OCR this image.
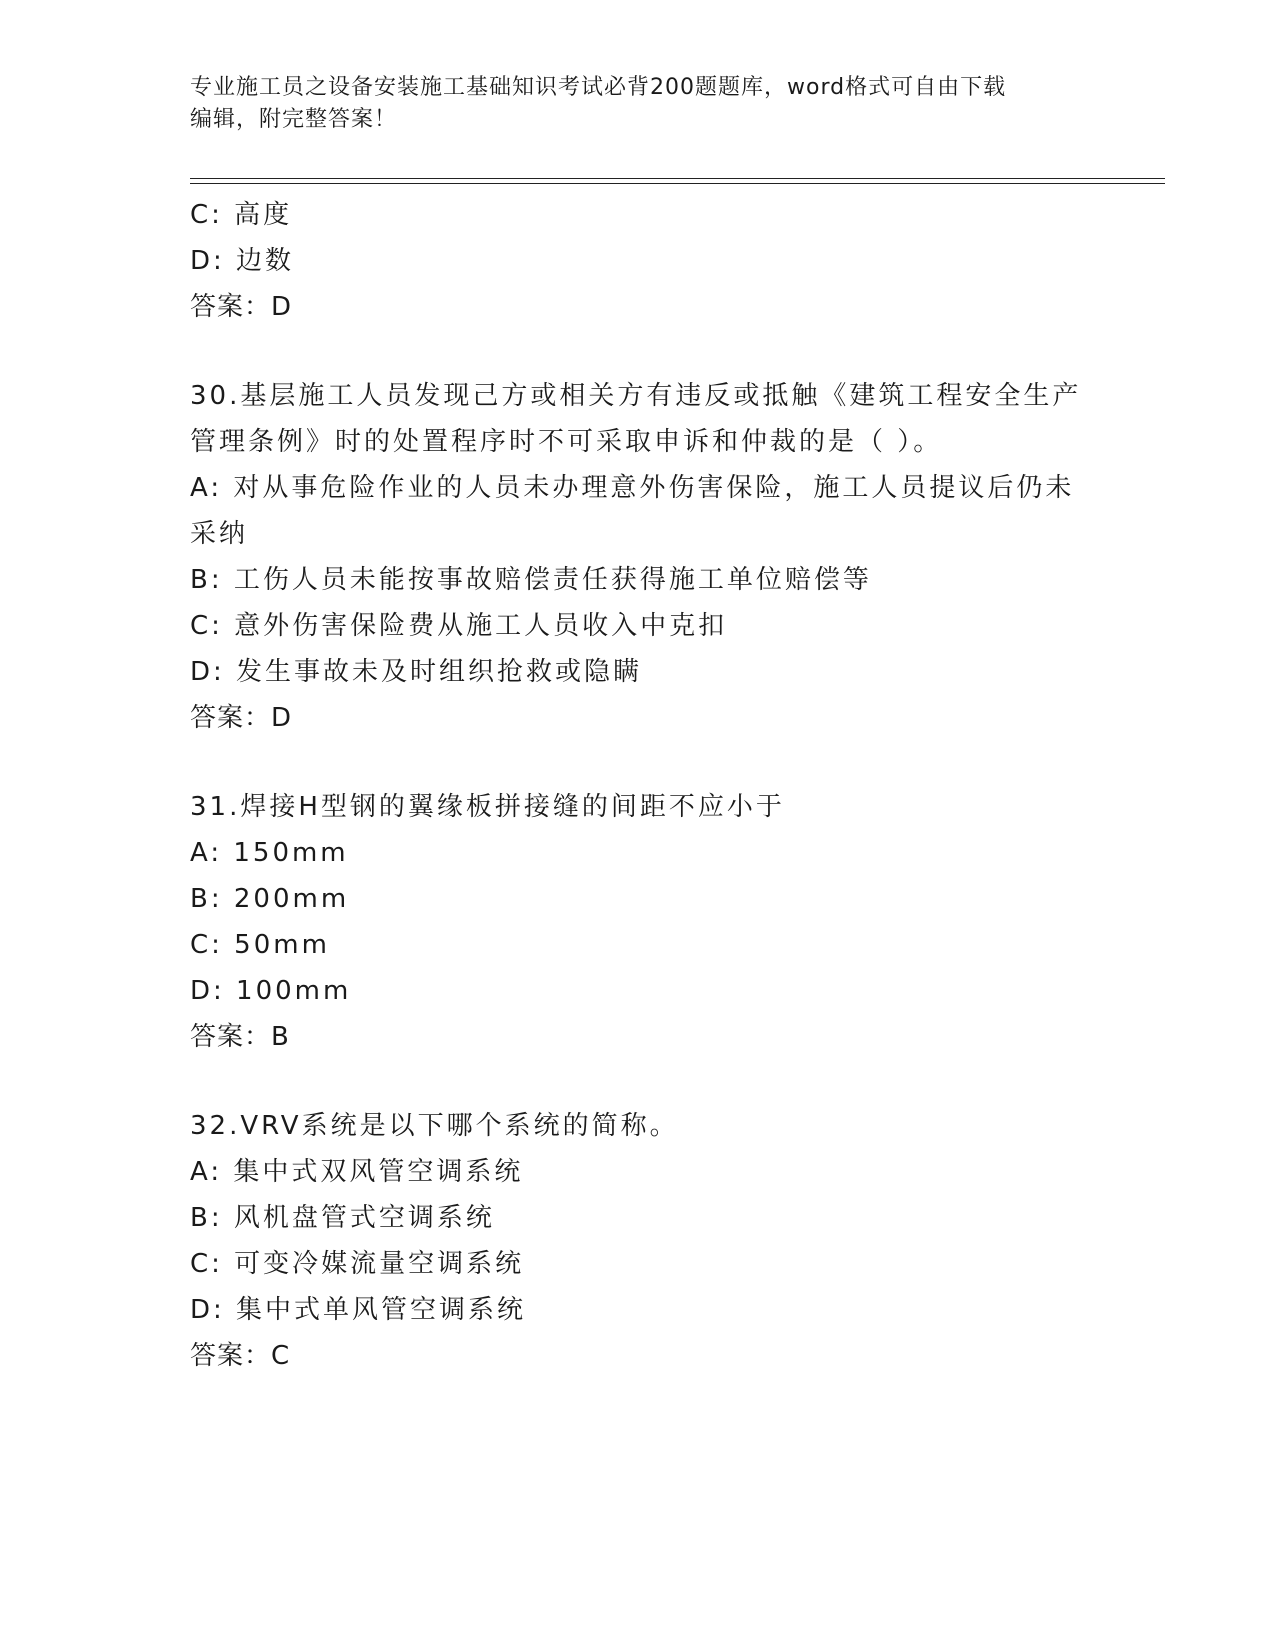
专业施工员之设备安装施工基础知识考试必背200题题库，word格式可自由下载
编辑，附完整答案！
C: 高度
D: 边数
答案：D
30.基层施工人员发现己方或相关方有违反或抵触《建筑工程安全生产
管理条例》时的处置程序时不可采取申诉和仲裁的是（ ）。
A: 对从事危险作业的人员未办理意外伤害保险，施工人员提议后仍未
采纳
B: 工伤人员未能按事故赔偿责任获得施工单位赔偿等
C: 意外伤害保险费从施工人员收入中克扣
D: 发生事故未及时组织抢救或隐瞒
答案：D
31.焊接H型钢的翼缘板拼接缝的间距不应小于
A: 150mm
B: 200mm
C: 50mm
D: 100mm
答案：B
32.VRV系统是以下哪个系统的简称。
A: 集中式双风管空调系统
B: 风机盘管式空调系统
C: 可变冷媒流量空调系统
D: 集中式单风管空调系统
答案：C
